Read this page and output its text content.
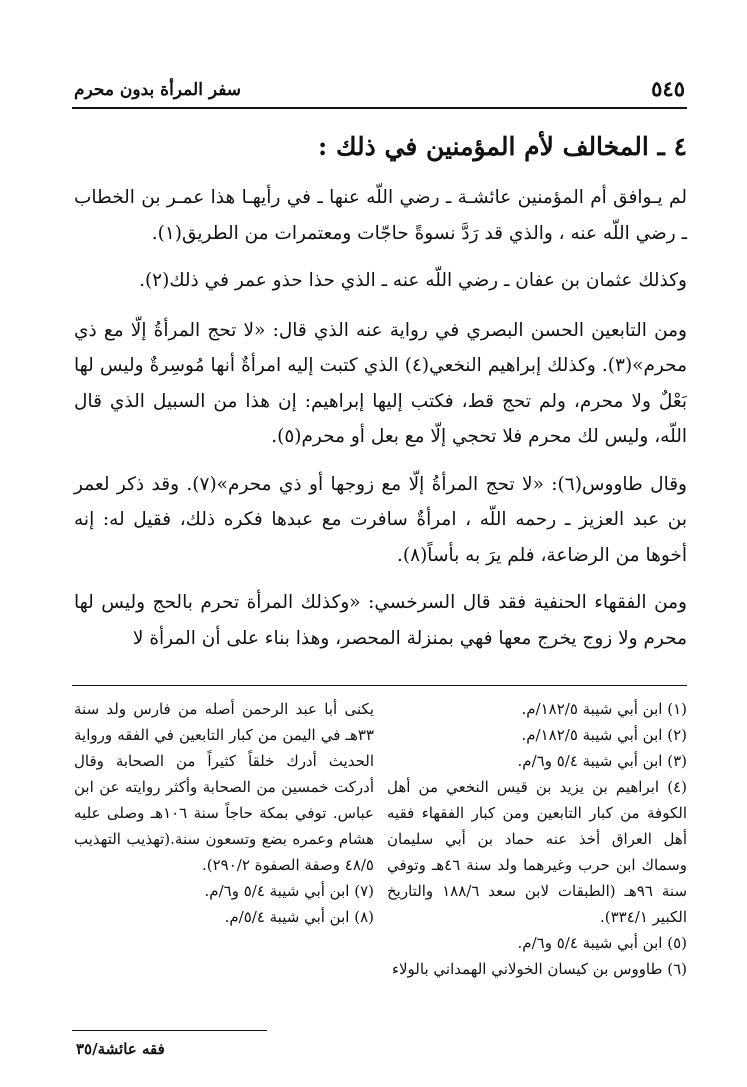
٥٤٥
سفر المرأة بدون محرم
٤ ـ المخالف لأم المؤمنين في ذلك :

لم يـوافق أم المؤمنين عائشـة ـ رضي اللّه عنها ـ في رأيهـا هذا عمـر بن الخطاب ـ رضي اللّه عنه ، والذي قد رَدَّ نسوةً حاجّات ومعتمرات من الطريق(١).

وكذلك عثمان بن عفان ـ رضي اللّه عنه ـ الذي حذا حذو عمر في ذلك(٢).

ومن التابعين الحسن البصري في رواية عنه الذي قال: «لا تحج المرأةُ إلّا مع ذي محرم»(٣). وكذلك إبراهيم النخعي(٤) الذي كتبت إليه امرأةٌ أنها مُوسِرةٌ وليس لها بَعْلٌ ولا محرم، ولم تحج قط، فكتب إليها إبراهيم: إن هذا من السبيل الذي قال اللّه، وليس لك محرم فلا تحجي إلّا مع بعل أو محرم(٥).

وقال طاووس(٦): «لا تحج المرأةُ إلّا مع زوجها أو ذي محرم»(٧). وقد ذكر لعمر بن عبد العزيز ـ رحمه اللّه ، امرأةٌ سافرت مع عبدها فكره ذلك، فقيل له: إنه أخوها من الرضاعة، فلم يرَ به بأساً(٨).

ومن الفقهاء الحنفية فقد قال السرخسي: «وكذلك المرأة تحرم بالحج وليس لها محرم ولا زوج يخرج معها فهي بمنزلة المحصر، وهذا بناء على أن المرأة لا

(١) ابن أبي شيبة ١٨٢/٥/م.

(٢) ابن أبي شيبة ١٨٢/٥/م.

(٣) ابن أبي شيبة ٥/٤ و٦/م.

(٤) ابراهيم بن يزيد بن قيس النخعي من أهل الكوفة من كبار التابعين ومن كبار الفقهاء فقيه أهل العراق أخذ عنه حماد بن أبي سليمان وسماك ابن حرب وغيرهما ولد سنة ٤٦هـ وتوفي سنة ٩٦هـ (الطبقات لابن سعد ١٨٨/٦ والتاريخ الكبير ٣٣٤/١).

(٥) ابن أبي شيبة ٥/٤ و٦/م.

(٦) طاووس بن كيسان الخولاني الهمداني بالولاء

يكنى أبا عبد الرحمن أصله من فارس ولد سنة ٣٣هـ في اليمن من كبار التابعين في الفقه ورواية الحديث أدرك خلقاً كثيراً من الصحابة وقال أدركت خمسين من الصحابة وأكثر روايته عن ابن عباس. توفي بمكة حاجاً سنة ١٠٦هـ وصلى عليه هشام وعمره بضع وتسعون سنة.(تهذيب التهذيب ٤٨/٥ وصفة الصفوة ٢٩٠/٢).

(٧) ابن أبي شيبة ٥/٤ و٦/م.

(٨) ابن أبي شيبة ٥/٤/م.

فقه عائشة/٣٥
